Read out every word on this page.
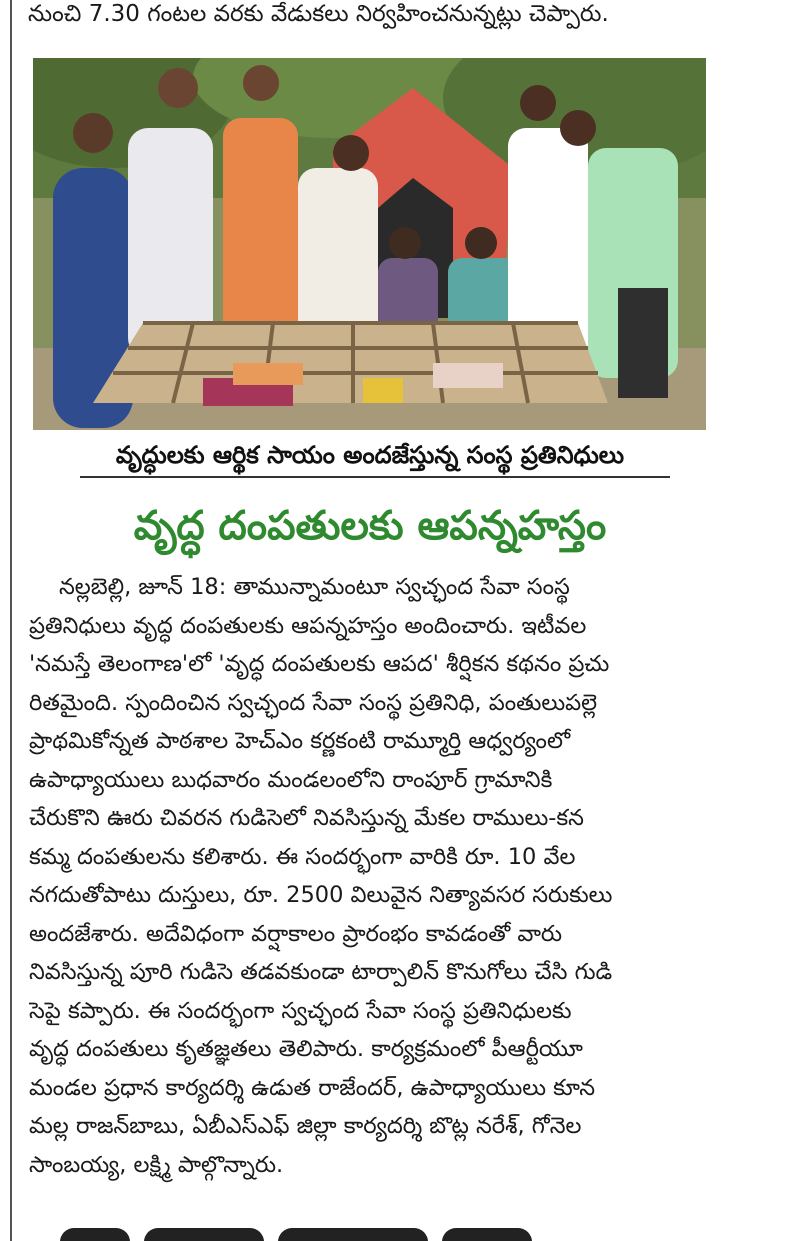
నుంచి 7.30 గంటల వరకు వేడుకలు నిర్వహించనున్నట్లు చెప్పారు.
వృద్ధులకు ఆర్థిక సాయం అందజేస్తున్న సంస్థ ప్రతినిధులు
వృద్ధ దంపతులకు ఆపన్నహస్తం
నల్లబెల్లి, జూన్ 18: తామున్నామంటూ స్వచ్ఛంద సేవా సంస్థ
ప్రతినిధులు వృద్ధ దంపతులకు ఆపన్నహస్తం అందించారు. ఇటీవల
'నమస్తే తెలంగాణ'లో 'వృద్ధ దంపతులకు ఆపద' శీర్షికన కథనం ప్రచు
రితమైంది. స్పందించిన స్వచ్ఛంద సేవా సంస్థ ప్రతినిధి, పంతులుపల్లె
ప్రాథమికోన్నత పాఠశాల హెచ్ఎం కర్ణకంటి రామ్మూర్తి ఆధ్వర్యంలో
ఉపాధ్యాయులు బుధవారం మండలంలోని రాంపూర్ గ్రామానికి
చేరుకొని ఊరు చివరన గుడిసెలో నివసిస్తున్న మేకల రాములు-కన
కమ్మ దంపతులను కలిశారు. ఈ సందర్భంగా వారికి రూ. 10 వేల
నగదుతోపాటు దుస్తులు, రూ. 2500 విలువైన నిత్యావసర సరుకులు
అందజేశారు. అదేవిధంగా వర్షాకాలం ప్రారంభం కావడంతో వారు
నివసిస్తున్న పూరి గుడిసె తడవకుండా టార్పాలిన్ కొనుగోలు చేసి గుడి
సెపై కప్పారు. ఈ సందర్భంగా స్వచ్ఛంద సేవా సంస్థ ప్రతినిధులకు
వృద్ధ దంపతులు కృతజ్ఞతలు తెలిపారు. కార్యక్రమంలో పీఆర్టీయూ
మండల ప్రధాన కార్యదర్శి ఉడుత రాజేందర్, ఉపాధ్యాయులు కూన
మల్ల రాజన్‌బాబు, ఏబీఎస్ఎఫ్ జిల్లా కార్యదర్శి బొట్ల నరేశ్, గోనెల
సాంబయ్య, లక్ష్మి పాల్గొన్నారు.
